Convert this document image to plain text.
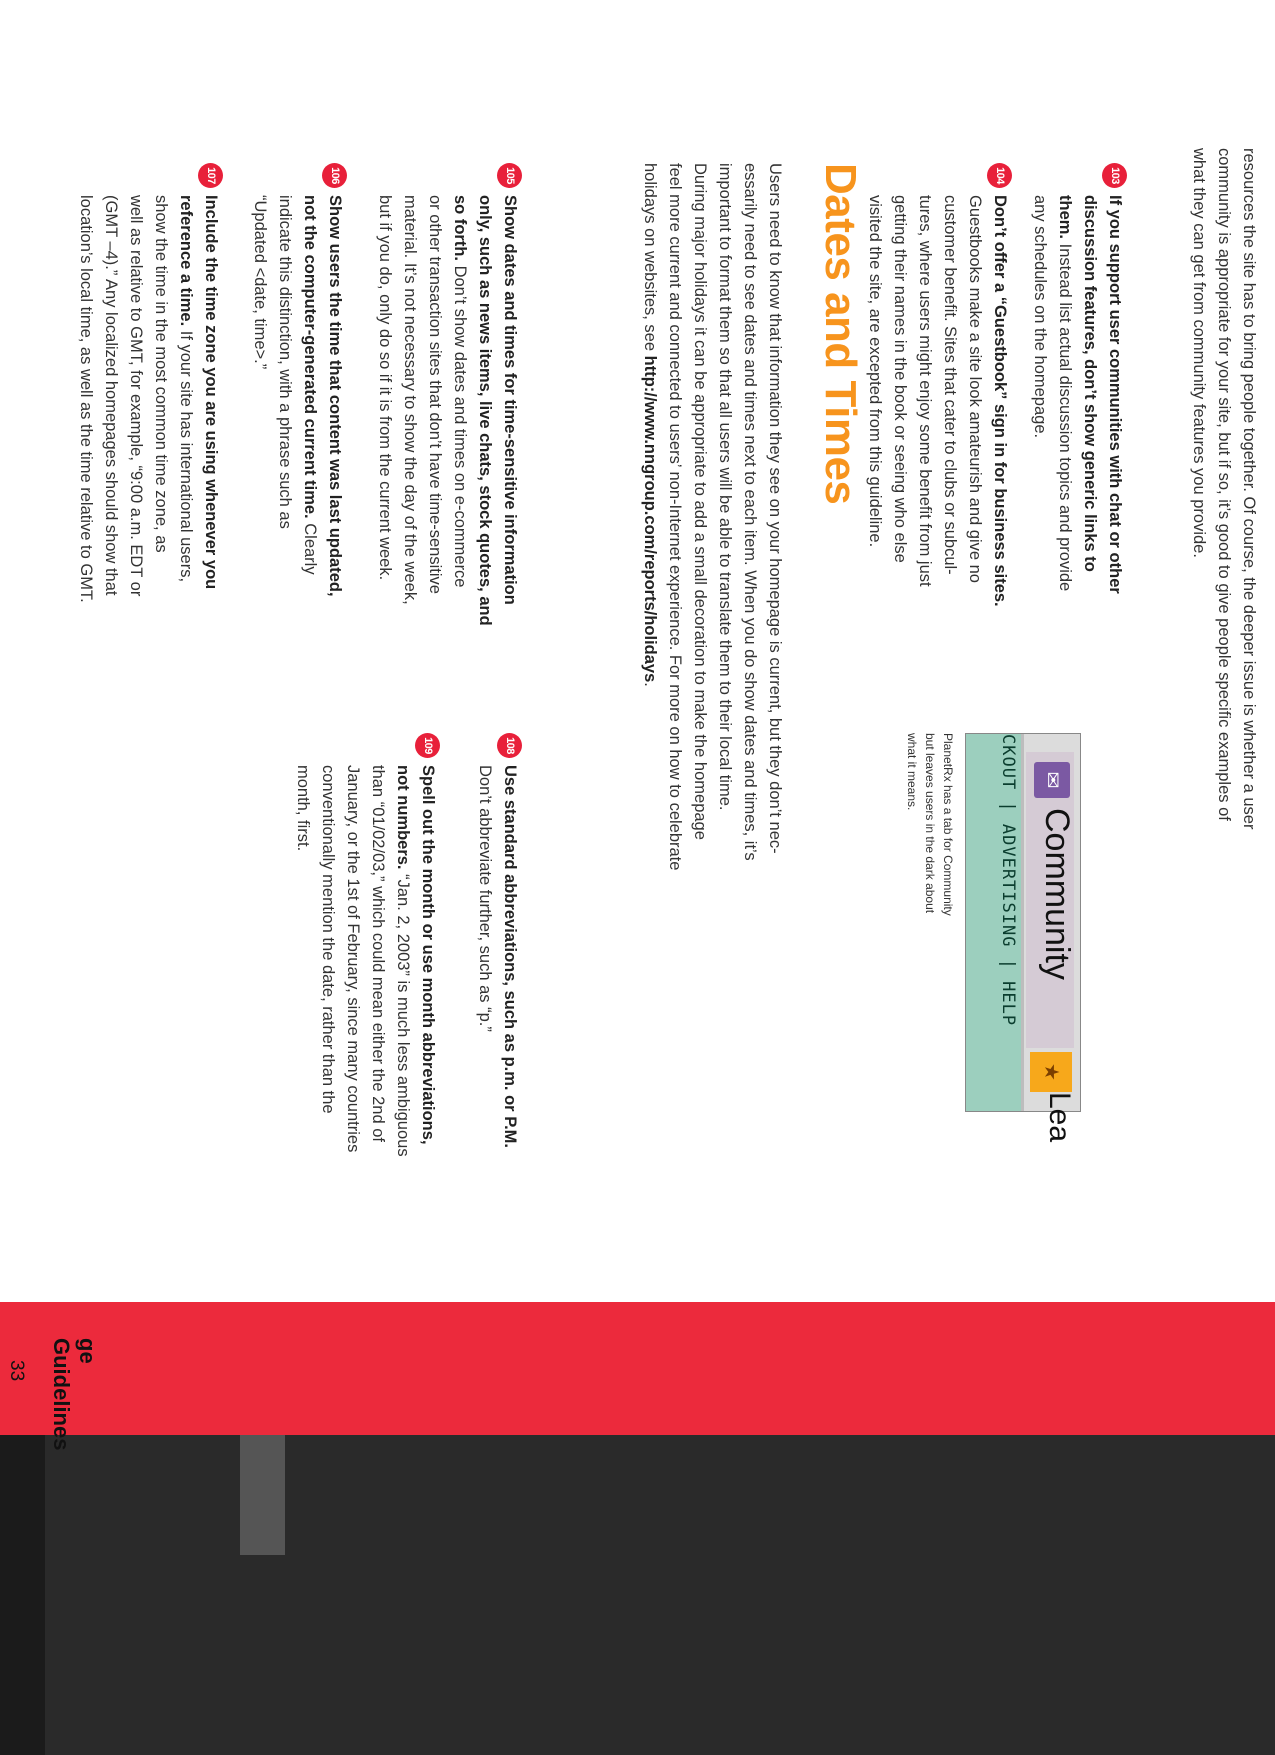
resources the site has to bring people together. Of course, the deeper issue is whether a user
community is appropriate for your site, but if so, it’s good to give people specific examples of
what they can get from community features you provide.
103
If you support user communities with chat or other
discussion features, don’t show generic links to
them. Instead list actual discussion topics and provide
any schedules on the homepage.
104
Don’t offer a “Guestbook” sign in for business sites.
Guestbooks make a site look amateurish and give no
customer benefit. Sites that cater to clubs or subcul-
tures, where users might enjoy some benefit from just
getting their names in the book or seeing who else
visited the site, are excepted from this guideline.
✉
Community
★
Lea
CKOUT | ADVERTISING | HELP
PlanetRx has a tab for Community
but leaves users in the dark about
what it means.
Dates and Times
Users need to know that information they see on your homepage is current, but they don’t nec-
essarily need to see dates and times next to each item. When you do show dates and times, it’s
important to format them so that all users will be able to translate them to their local time.
During major holidays it can be appropriate to add a small decoration to make the homepage
feel more current and connected to users’ non-Internet experience. For more on how to celebrate
holidays on websites, see http://www.nngroup.com/reports/holidays.
105
Show dates and times for time-sensitive information
only, such as news items, live chats, stock quotes, and
so forth. Don’t show dates and times on e-commerce
or other transaction sites that don’t have time-sensitive
material. It’s not necessary to show the day of the week,
but if you do, only do so if it is from the current week.
106
Show users the time that content was last updated,
not the computer-generated current time. Clearly
indicate this distinction, with a phrase such as
“Updated <date, time>.”
107
Include the time zone you are using whenever you
reference a time. If your site has international users,
show the time in the most common time zone, as
well as relative to GMT, for example, “9:00 a.m. EDT or
(GMT –4).” Any localized homepages should show that
location’s local time, as well as the time relative to GMT.
108
Use standard abbreviations, such as p.m. or P.M.
Don’t abbreviate further, such as “p.”
109
Spell out the month or use month abbreviations,
not numbers. “Jan. 2, 2003” is much less ambiguous
than “01/02/03,” which could mean either the 2nd of
January, or the 1st of February, since many countries
conventionally mention the date, rather than the
month, first.
ge Guidelines
33
